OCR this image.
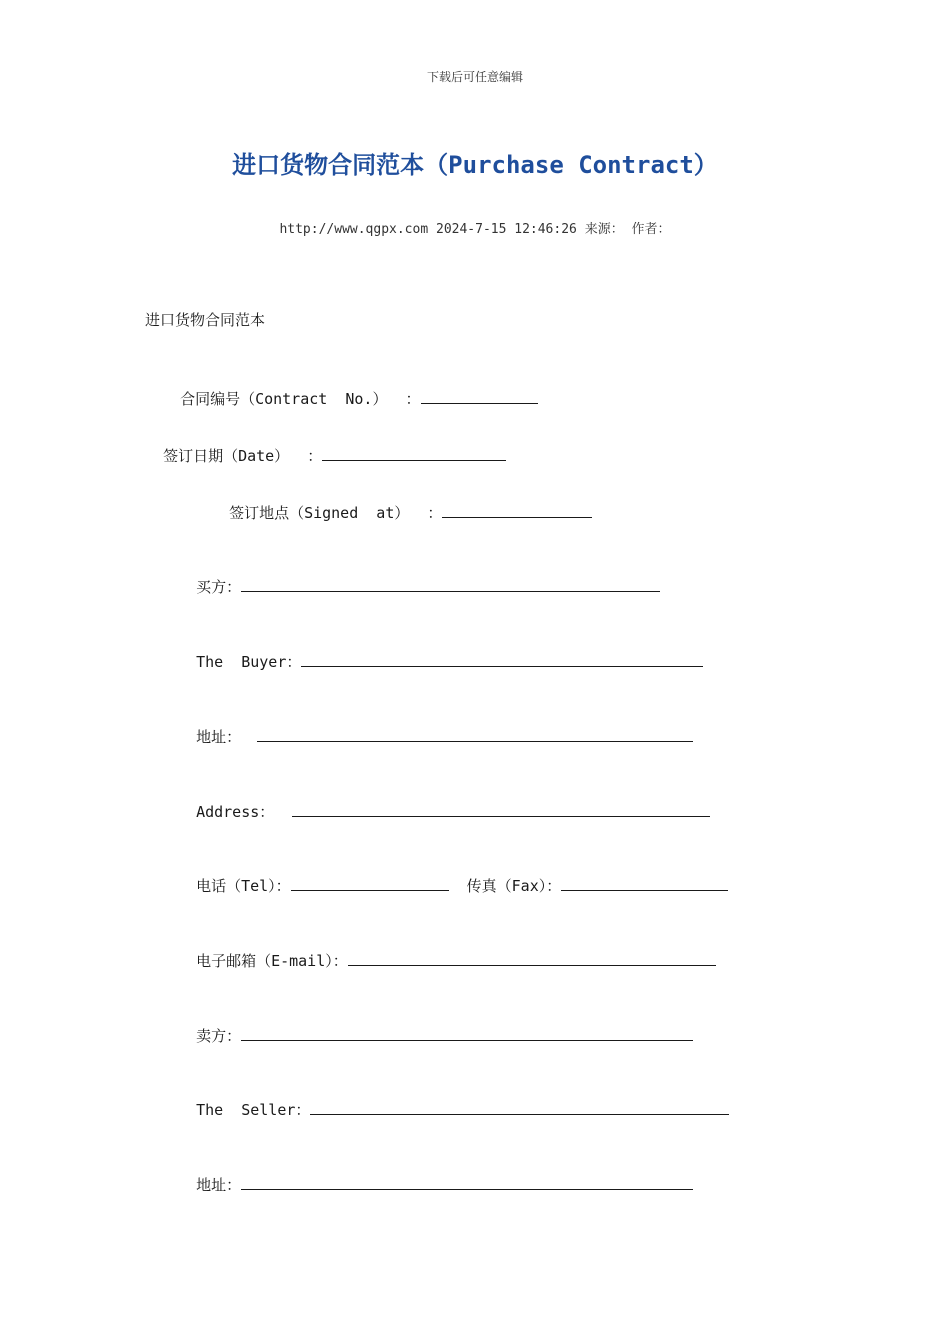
下载后可任意编辑
进口货物合同范本（Purchase Contract）
http://www.qgpx.com 2024-7-15 12:46:26 来源： 作者：
进口货物合同范本

合同编号（Contract  No.）  ：

签订日期（Date）  ：

签订地点（Signed  at）  ：

买方：

The  Buyer：

地址：

Address：

电话（Tel）：	传真（Fax）：

电子邮箱（E-mail）：

卖方：

The  Seller：

地址：
